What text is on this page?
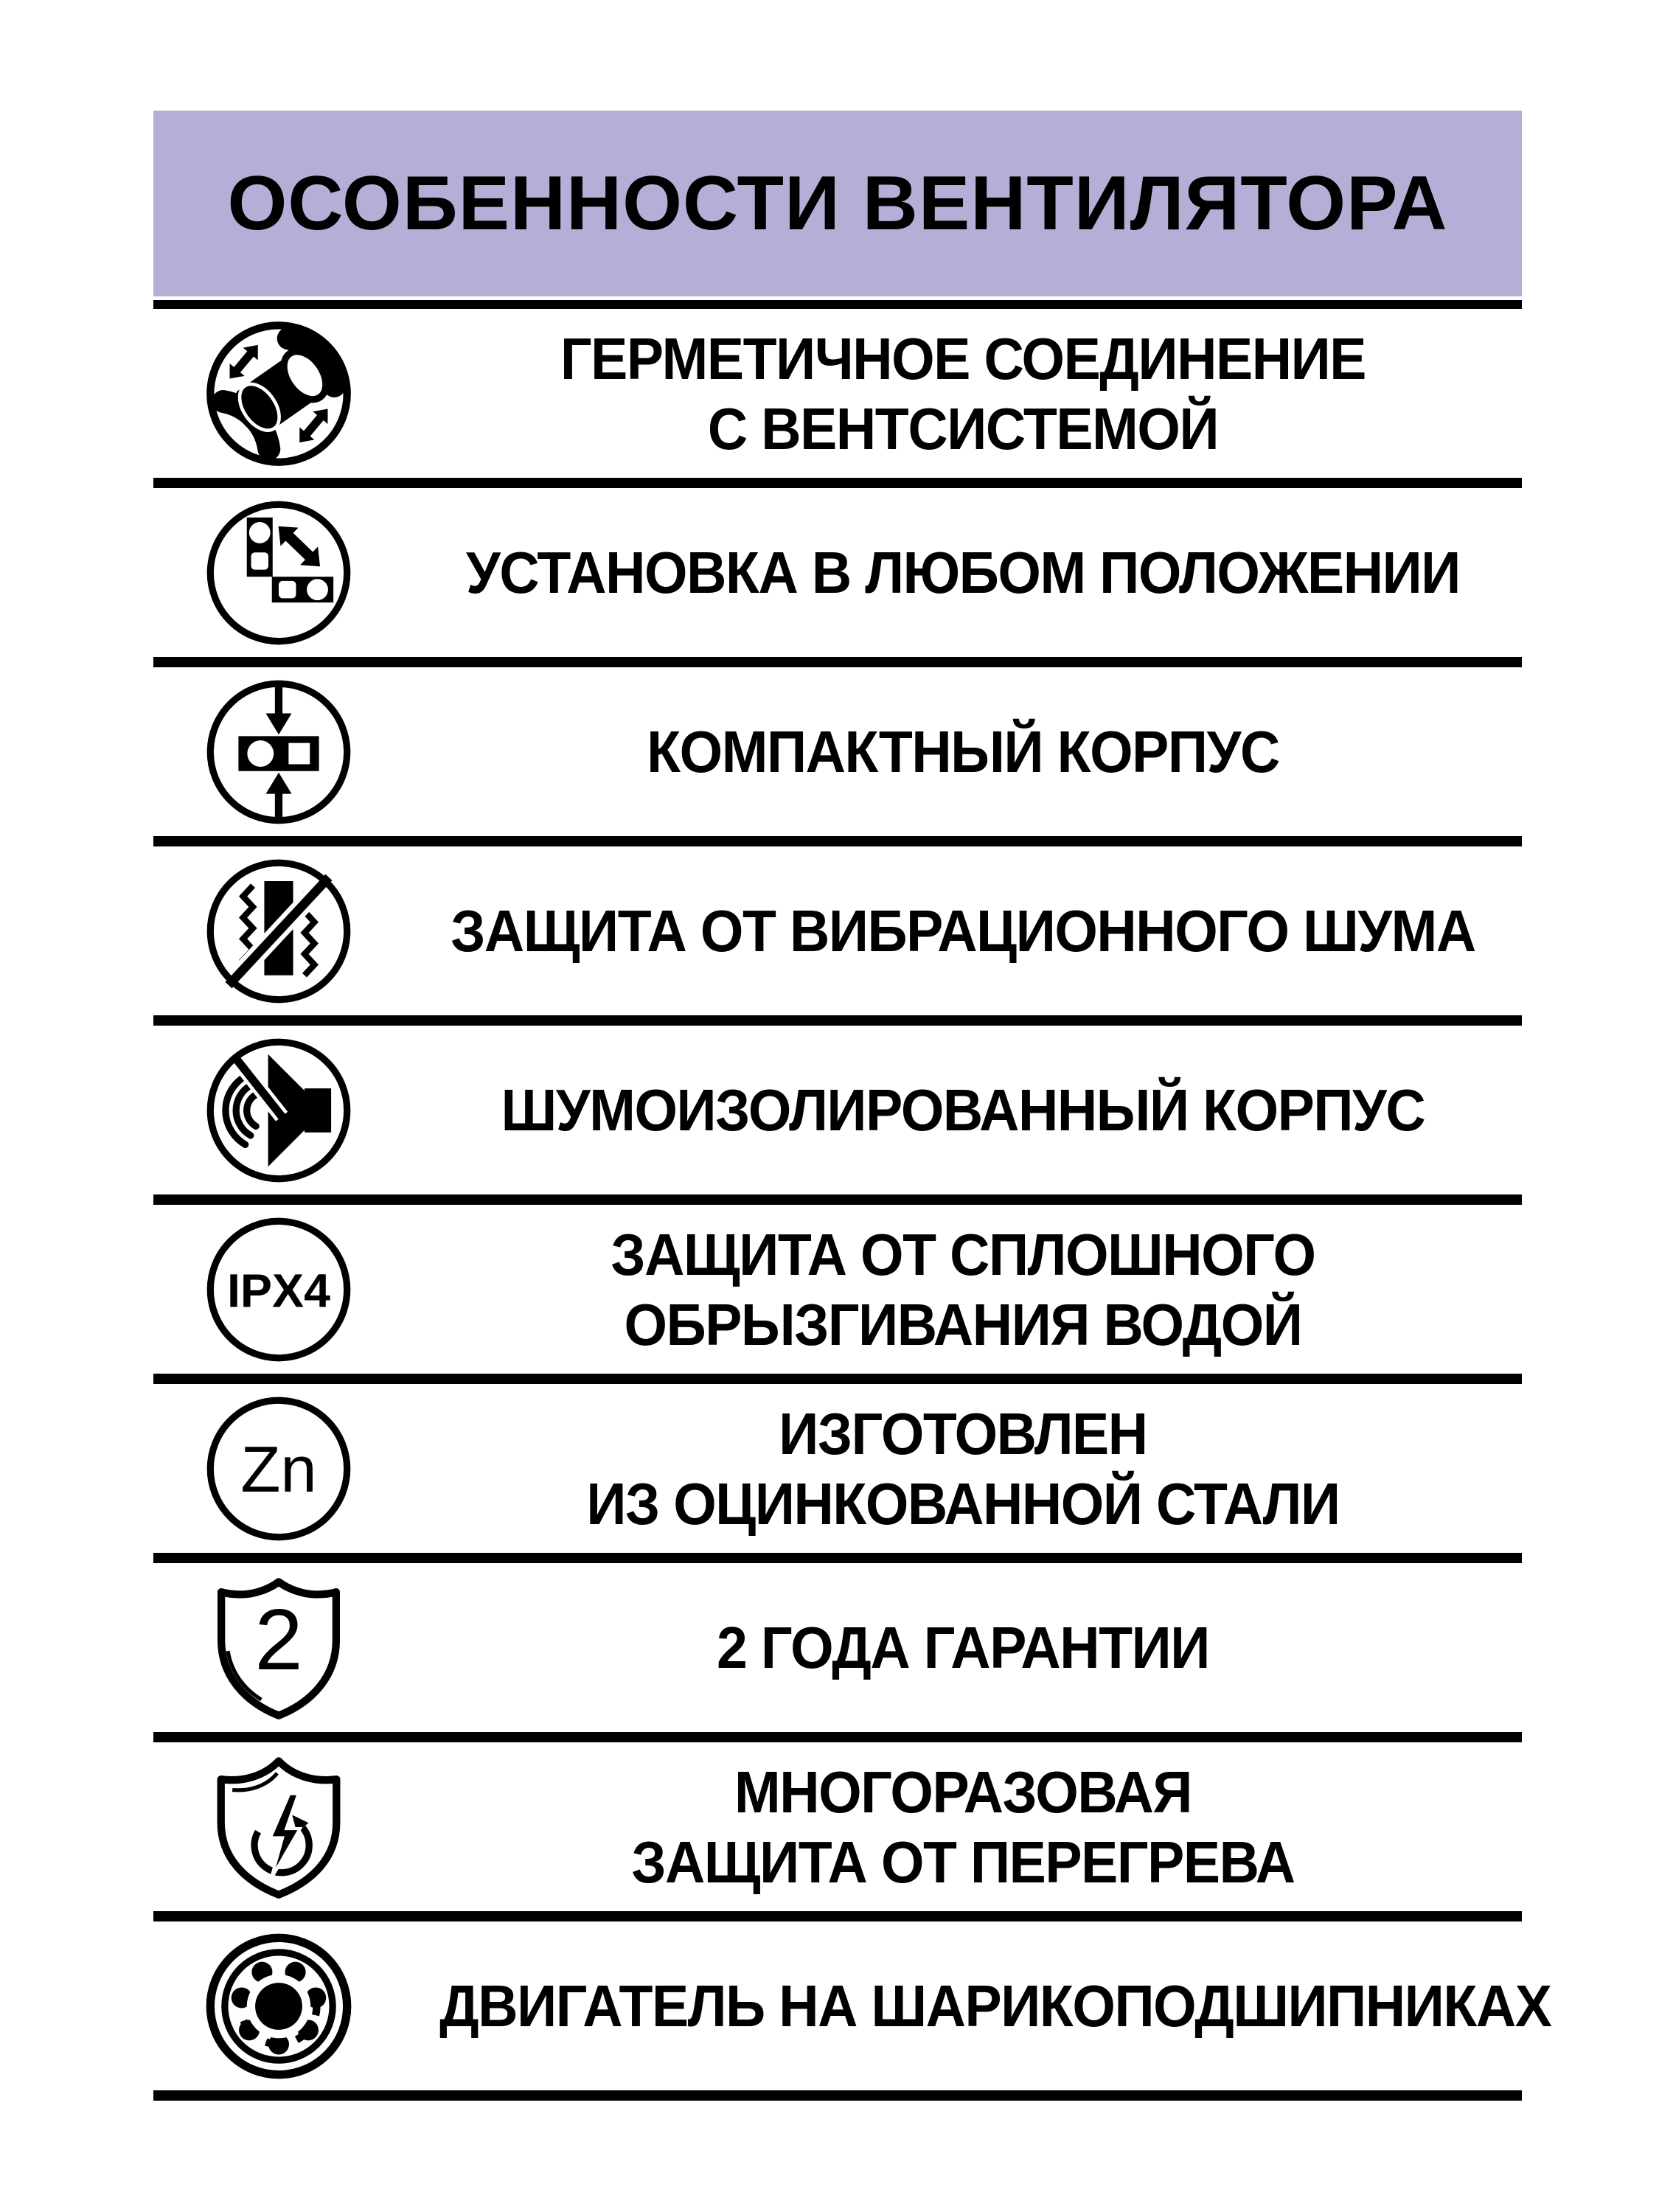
ОСОБЕННОСТИ ВЕНТИЛЯТОРА
ГЕРМЕТИЧНОЕ СОЕДИНЕНИЕ
С ВЕНТСИСТЕМОЙ
УСТАНОВКА В ЛЮБОМ ПОЛОЖЕНИИ
КОМПАКТНЫЙ КОРПУС
ЗАЩИТА ОТ ВИБРАЦИОННОГО ШУМА
ШУМОИЗОЛИРОВАННЫЙ КОРПУС
IPX4
ЗАЩИТА ОТ СПЛОШНОГО
ОБРЫЗГИВАНИЯ ВОДОЙ
Zn	ИЗГОТОВЛЕН
ИЗ ОЦИНКОВАННОЙ СТАЛИ
2	2 ГОДА ГАРАНТИИ
МНОГОРАЗОВАЯ
ЗАЩИТА ОТ ПЕРЕГРЕВА
ДВИГАТЕЛЬ НА ШАРИКОПОДШИПНИКАХ
